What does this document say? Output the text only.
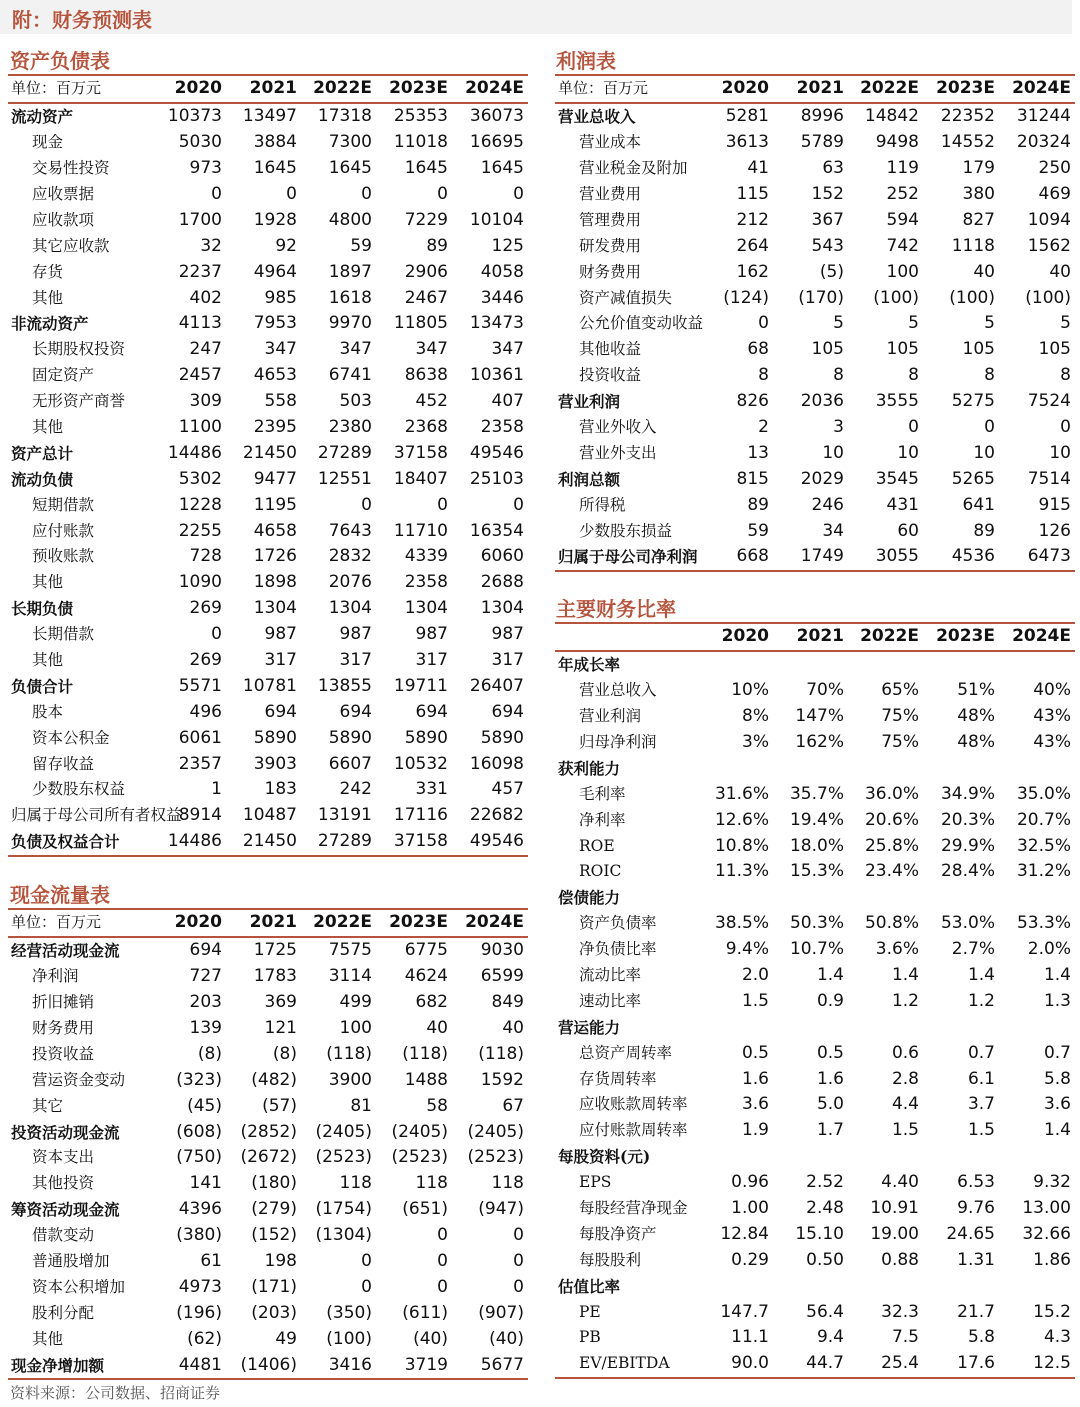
附：财务预测表
资产负债表
单位：百万元	2020	2021	2022E	2023E	2024E
流动资产	10373	13497	17318	25353	36073
现金	5030	3884	7300	11018	16695
交易性投资	973	1645	1645	1645	1645
应收票据	0	0	0	0	0
应收款项	1700	1928	4800	7229	10104
其它应收款	32	92	59	89	125
存货	2237	4964	1897	2906	4058
其他	402	985	1618	2467	3446
非流动资产	4113	7953	9970	11805	13473
长期股权投资	247	347	347	347	347
固定资产	2457	4653	6741	8638	10361
无形资产商誉	309	558	503	452	407
其他	1100	2395	2380	2368	2358
资产总计	14486	21450	27289	37158	49546
流动负债	5302	9477	12551	18407	25103
短期借款	1228	1195	0	0	0
应付账款	2255	4658	7643	11710	16354
预收账款	728	1726	2832	4339	6060
其他	1090	1898	2076	2358	2688
长期负债	269	1304	1304	1304	1304
长期借款	0	987	987	987	987
其他	269	317	317	317	317
负债合计	5571	10781	13855	19711	26407
股本	496	694	694	694	694
资本公积金	6061	5890	5890	5890	5890
留存收益	2357	3903	6607	10532	16098
少数股东权益	1	183	242	331	457
归属于母公司所有者权益	8914	10487	13191	17116	22682
负债及权益合计	14486	21450	27289	37158	49546
现金流量表
单位：百万元	2020	2021	2022E	2023E	2024E
经营活动现金流	694	1725	7575	6775	9030
净利润	727	1783	3114	4624	6599
折旧摊销	203	369	499	682	849
财务费用	139	121	100	40	40
投资收益	(8)	(8)	(118)	(118)	(118)
营运资金变动	(323)	(482)	3900	1488	1592
其它	(45)	(57)	81	58	67
投资活动现金流	(608)	(2852)	(2405)	(2405)	(2405)
资本支出	(750)	(2672)	(2523)	(2523)	(2523)
其他投资	141	(180)	118	118	118
筹资活动现金流	4396	(279)	(1754)	(651)	(947)
借款变动	(380)	(152)	(1304)	0	0
普通股增加	61	198	0	0	0
资本公积增加	4973	(171)	0	0	0
股利分配	(196)	(203)	(350)	(611)	(907)
其他	(62)	49	(100)	(40)	(40)
现金净增加额	4481	(1406)	3416	3719	5677
利润表
单位：百万元	2020	2021	2022E	2023E	2024E
营业总收入	5281	8996	14842	22352	31244
营业成本	3613	5789	9498	14552	20324
营业税金及附加	41	63	119	179	250
营业费用	115	152	252	380	469
管理费用	212	367	594	827	1094
研发费用	264	543	742	1118	1562
财务费用	162	(5)	100	40	40
资产减值损失	(124)	(170)	(100)	(100)	(100)
公允价值变动收益	0	5	5	5	5
其他收益	68	105	105	105	105
投资收益	8	8	8	8	8
营业利润	826	2036	3555	5275	7524
营业外收入	2	3	0	0	0
营业外支出	13	10	10	10	10
利润总额	815	2029	3545	5265	7514
所得税	89	246	431	641	915
少数股东损益	59	34	60	89	126
归属于母公司净利润	668	1749	3055	4536	6473
主要财务比率
	2020	2021	2022E	2023E	2024E
年成长率					
营业总收入	10%	70%	65%	51%	40%
营业利润	8%	147%	75%	48%	43%
归母净利润	3%	162%	75%	48%	43%
获利能力					
毛利率	31.6%	35.7%	36.0%	34.9%	35.0%
净利率	12.6%	19.4%	20.6%	20.3%	20.7%
ROE	10.8%	18.0%	25.8%	29.9%	32.5%
ROIC	11.3%	15.3%	23.4%	28.4%	31.2%
偿债能力					
资产负债率	38.5%	50.3%	50.8%	53.0%	53.3%
净负债比率	9.4%	10.7%	3.6%	2.7%	2.0%
流动比率	2.0	1.4	1.4	1.4	1.4
速动比率	1.5	0.9	1.2	1.2	1.3
营运能力					
总资产周转率	0.5	0.5	0.6	0.7	0.7
存货周转率	1.6	1.6	2.8	6.1	5.8
应收账款周转率	3.6	5.0	4.4	3.7	3.6
应付账款周转率	1.9	1.7	1.5	1.5	1.4
每股资料(元)					
EPS	0.96	2.52	4.40	6.53	9.32
每股经营净现金	1.00	2.48	10.91	9.76	13.00
每股净资产	12.84	15.10	19.00	24.65	32.66
每股股利	0.29	0.50	0.88	1.31	1.86
估值比率					
PE	147.7	56.4	32.3	21.7	15.2
PB	11.1	9.4	7.5	5.8	4.3
EV/EBITDA	90.0	44.7	25.4	17.6	12.5
资料来源：公司数据、招商证券
